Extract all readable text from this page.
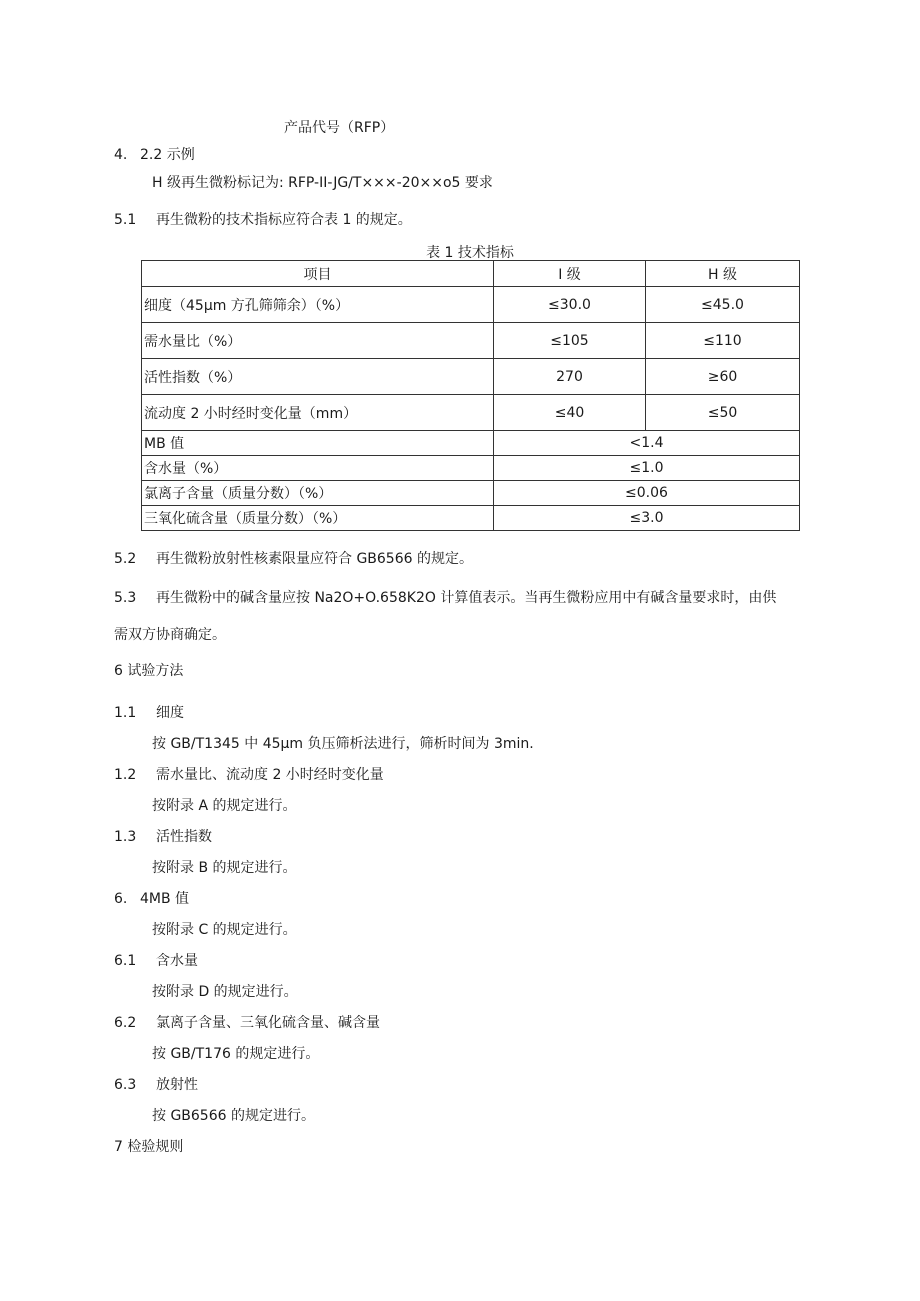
产品代号（RFP）
4. 2.2 示例
H 级再生微粉标记为: RFP-II-JG/T×××-20××o5 要求
5.1 再生微粉的技术指标应符合表 1 的规定。
表 1 技术指标
项目	I 级	H 级
细度（45μm 方孔筛筛余）（%）	≤30.0	≤45.0
需水量比（%）	≤105	≤110
活性指数（%）	270	≥60
流动度 2 小时经时变化量（mm）	≤40	≤50
MB 值	<1.4	
含水量（%）	≤1.0	
氯离子含量（质量分数）（%）	≤0.06	
三氧化硫含量（质量分数）（%）	≤3.0	
5.2 再生微粉放射性核素限量应符合 GB6566 的规定。
5.3 再生微粉中的碱含量应按 Na2O+O.658K2O 计算值表示。当再生微粉应用中有碱含量要求时，由供
需双方协商确定。
6 试验方法
1.1 细度
按 GB/T1345 中 45μm 负压筛析法进行，筛析时间为 3min.
1.2 需水量比、流动度 2 小时经时变化量
按附录 A 的规定进行。
1.3 活性指数
按附录 B 的规定进行。
6. 4MB 值
按附录 C 的规定进行。
6.1 含水量
按附录 D 的规定进行。
6.2 氯离子含量、三氧化硫含量、碱含量
按 GB/T176 的规定进行。
6.3 放射性
按 GB6566 的规定进行。
7 检验规则
